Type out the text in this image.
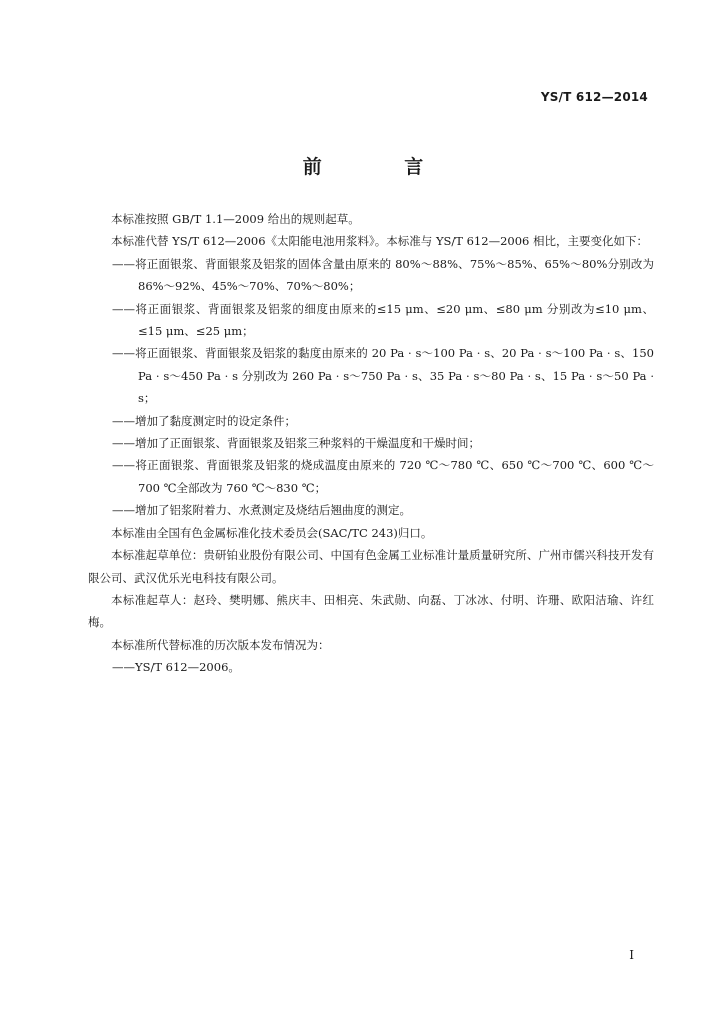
YS/T 612—2014
前 言

本标准按照 GB/T 1.1—2009 给出的规则起草。

本标准代替 YS/T 612—2006《太阳能电池用浆料》。本标准与 YS/T 612—2006 相比，主要变化如下：

——将正面银浆、背面银浆及铝浆的固体含量由原来的 80%～88%、75%～85%、65%～80%分别改为 86%～92%、45%～70%、70%～80%；

——将正面银浆、背面银浆及铝浆的细度由原来的≤15 μm、≤20 μm、≤80 μm 分别改为≤10 μm、≤15 μm、≤25 μm；

——将正面银浆、背面银浆及铝浆的黏度由原来的 20 Pa · s～100 Pa · s、20 Pa · s～100 Pa · s、150 Pa · s～450 Pa · s 分别改为 260 Pa · s～750 Pa · s、35 Pa · s～80 Pa · s、15 Pa · s～50 Pa · s；

——增加了黏度测定时的设定条件；

——增加了正面银浆、背面银浆及铝浆三种浆料的干燥温度和干燥时间；

——将正面银浆、背面银浆及铝浆的烧成温度由原来的 720 ℃～780 ℃、650 ℃～700 ℃、600 ℃～700 ℃全部改为 760 ℃～830 ℃；

——增加了铝浆附着力、水煮测定及烧结后翘曲度的测定。

本标准由全国有色金属标准化技术委员会(SAC/TC 243)归口。

本标准起草单位：贵研铂业股份有限公司、中国有色金属工业标准计量质量研究所、广州市儒兴科技开发有限公司、武汉优乐光电科技有限公司。

本标准起草人：赵玲、樊明娜、熊庆丰、田相亮、朱武勋、向磊、丁冰冰、付明、许珊、欧阳洁瑜、许红梅。

本标准所代替标准的历次版本发布情况为：

——YS/T 612—2006。

I
